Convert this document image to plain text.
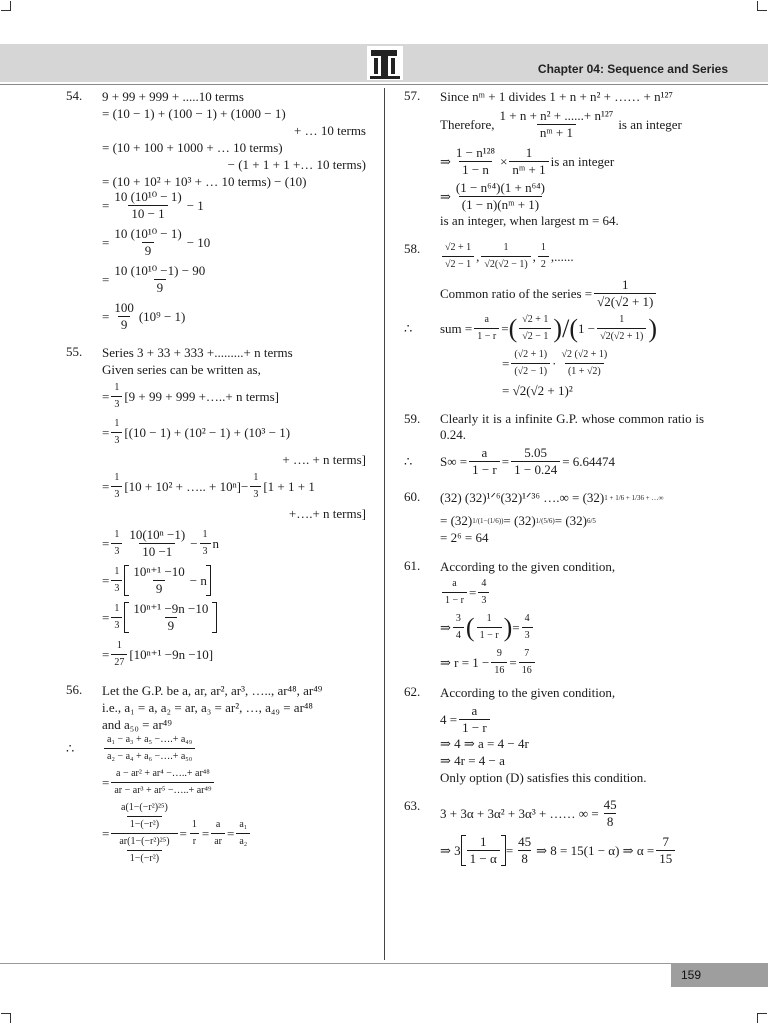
Chapter 04: Sequence and Series
159
54. 9 + 99 + 999 + .....10 terms
= (10 − 1) + (100 − 1) + (1000 − 1)
+ … 10 terms
= (10 + 100 + 1000 + … 10 terms)
− (1 + 1 + 1 +… 10 terms)
= (10 + 10² + 10³ + … 10 terms) − (10)
= $\frac{\text{10 (10¹⁰ − 1)}}{10 - 1} - 1$
= $\frac{\text{10 (10¹⁰ − 1)}}{9} - 10$
= $\frac{\text{10 (10¹⁰ −1) − 90}}{9}$
= $\frac{100}{9} (10^9 - 1)$
55. Series 3 + 33 + 333 +.........+ n terms
Given series can be written as,
= $\frac{1}{3} [9 + 99 + 999$ +…..+ n terms]
= $\frac{1}{3} [(10 - 1) + (10^2 - 1) + (10^3 - 1)$
+ …. + n terms]
= $\frac{1}{3} [10 + 10^2$ + ….. + $10^n]- \frac{1}{3} [1 + 1 + 1$
+….+ n terms]
= $\frac{1}{3} \frac{\text{10(10ⁿ −1)}}{10 -1} - \frac{1}{3}$ n
= $\frac{1}{3} \frac{\text{10ⁿ⁺¹ −10}}{9} - n$
= $\frac{1}{3} \frac{\text{10ⁿ⁺¹ −9n −10}}{9}$
= $\frac{1}{27} [10^{n+1} -9n -10]$
56. Let the G.P. be a, ar, ar², ar³, ….., ar⁴⁸, ar⁴⁹
i.e., a₁ = a, a₂ = ar, a₃ = ar², …, a₄₉ = ar⁴⁸
and a₅₀ = ar⁴⁹
∴	$\frac{\text{a₁ − a₃ + a₅ −….+ a₄₉}}{\text{a₂ − a₄ + a₆ −….+ a₅₀}}$
= $\frac{\text{a − ar² + ar⁴ −…..+ ar⁴⁸}}{\text{ar − ar³ + ar⁵ −…..+ ar⁴⁹}}$
= $\frac{\frac{\text{a(1−(−r²)²⁵)}}{\text{1−(−r²)}}}{\frac{\text{ar(1−(−r²)²⁵)}}{\text{1−(−r²)}}} = \frac{1}{r} = \frac{a}{ar} = \frac{\text{a₁}}{\text{a₂}}$
57. Since nᵐ + 1 divides 1 + n + n² + …… + n¹²⁷
Therefore, $\frac{\text{1 + n + n² + ......+ n¹²⁷}}{\text{nᵐ + 1}}$ is an integer
⇒ $\frac{\text{1 − n¹²⁸}}{1 - n} \times \frac{1}{\text{nᵐ + 1}}$ is an integer
⇒ $\frac{\text{(1 − n⁶⁴)(1 + n⁶⁴)}}{\text{(1 − n)(nᵐ + 1)}}$
is an integer, when largest m = 64.
58. $\frac{√2 + 1}{√2 - 1}$ , $\frac{1}{√2(√2 - 1)}$ , $\frac{1}{2}$ ,......
Common ratio of the series = $\frac{1}{√2(√2 + 1)}$
∴	sum = $\frac{a}{1 - r}$ = ( $\frac{√2 + 1}{√2 - 1}$ ) / ( $1 - \frac{1}{√2(√2 + 1)}$ )
= $\frac{(√2 + 1)}{(√2 - 1)} \cdot \frac{√2 (√2 + 1)}{(1 + √2)}$
= √2(√2 + 1)²
59. Clearly it is a infinite G.P. whose common ratio is 0.24.
∴	$S\infty = \frac{a}{1 - r} = \frac{5.05}{1 - 0.24} = 6.64474$
60. (32) (32)¹ᐟ⁶(32)¹ᐟ³⁶ ….∞ = (32) 1 + 1/6 + 1/36 + …∞
= (32) 1/(1−(1/6)) = (32) 1/(5/6) = (32) 6/5
= 2⁶ = 64
61. According to the given condition,
$\frac{a}{1 - r} = \frac{4}{3}$
⇒ $\frac{3}{4}$ ( $\frac{1}{1 - r}$ ) = $\frac{4}{3}$
⇒ $r = 1 - \frac{9}{16} = \frac{7}{16}$
62. According to the given condition,
$4 = \frac{a}{1 - r}$
⇒ 4 ⇒ a = 4 − 4r
⇒ 4r = 4 − a
Only option (D) satisfies this condition.
63. 3 + 3α + 3α² + 3α³ + …… ∞ = $\frac{45}{8}$
⇒ $3 \frac{1}{1 - \alpha} = \frac{45}{8}$ ⇒ 8 = 15(1 − α) ⇒ $\alpha = \frac{7}{15}$
